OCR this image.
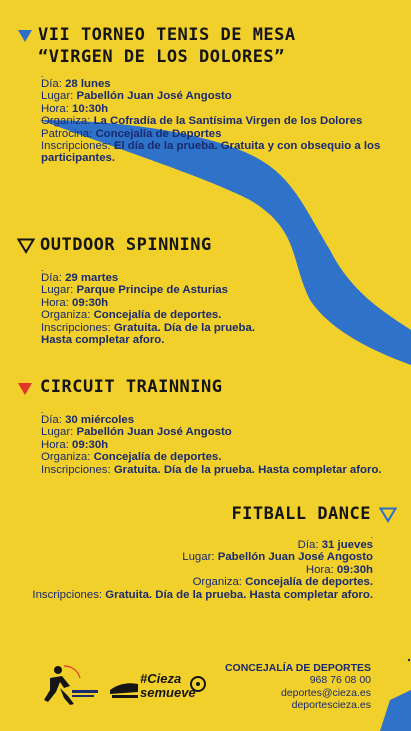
VII TORNEO TENIS DE MESA
“VIRGEN DE LOS DOLORES”
.
Día: 28 lunes
Lugar: Pabellón Juan José Angosto
Hora: 10:30h
Organiza: La Cofradía de la Santísima Virgen de los Dolores
Patrocina: Concejalía de Deportes
Inscripciones: El día de la prueba. Gratuita y con obsequio a los
participantes.
OUTDOOR SPINNING
.
Día: 29 martes
Lugar: Parque Principe de Asturias
Hora: 09:30h
Organiza: Concejalía de deportes.
Inscripciones: Gratuita. Día de la prueba.
Hasta completar aforo.
CIRCUIT TRAINNING
.
Día: 30 miércoles
Lugar: Pabellón Juan José Angosto
Hora: 09:30h
Organiza: Concejalía de deportes.
Inscripciones: Gratuita. Día de la prueba. Hasta completar aforo.
FITBALL DANCE
.
Día: 31 jueves
Lugar: Pabellón Juan José Angosto
Hora: 09:30h
Organiza: Concejalía de deportes.
Inscripciones: Gratuita. Día de la prueba. Hasta completar aforo.
#Cieza
semueve
CONCEJALÍA DE DEPORTES
968 76 08 00
deportes@cieza.es
deportescieza.es
